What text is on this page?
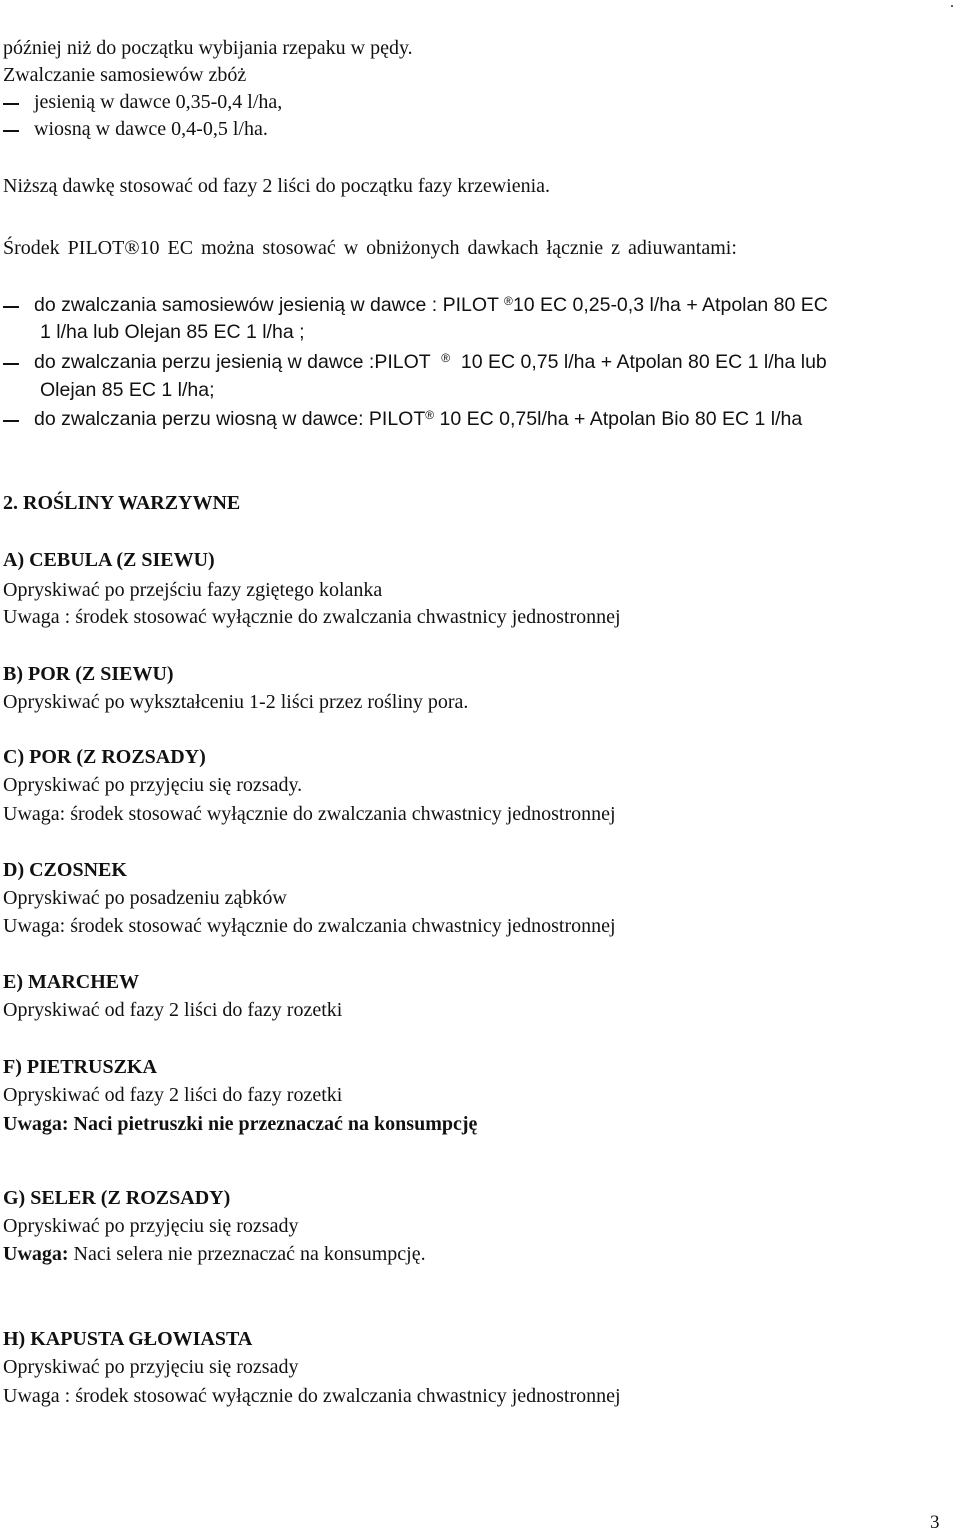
.
później niż do początku wybijania rzepaku w pędy.
Zwalczanie samosiewów zbóż
jesienią w dawce 0,35-0,4 l/ha,
wiosną w dawce 0,4-0,5 l/ha.
Niższą dawkę stosować od fazy 2 liści do początku fazy krzewienia.
Środek PILOT®10 EC można stosować w obniżonych dawkach łącznie z adiuwantami:
do zwalczania samosiewów jesienią w dawce : PILOT ®10 EC 0,25-0,3 l/ha + Atpolan 80 EC
1 l/ha lub Olejan 85 EC 1 l/ha ;
do zwalczania perzu jesienią w dawce :PILOT ® 10 EC 0,75 l/ha + Atpolan 80 EC 1 l/ha lub
Olejan 85 EC 1 l/ha;
do zwalczania perzu wiosną w dawce: PILOT® 10 EC 0,75l/ha + Atpolan Bio 80 EC 1 l/ha
2. ROŚLINY WARZYWNE
A) CEBULA (Z SIEWU)
Opryskiwać po przejściu fazy zgiętego kolanka
Uwaga : środek stosować wyłącznie do zwalczania chwastnicy jednostronnej
B) POR (Z SIEWU)
Opryskiwać po wykształceniu 1-2 liści przez rośliny pora.
C) POR (Z ROZSADY)
Opryskiwać po przyjęciu się rozsady.
Uwaga: środek stosować wyłącznie do zwalczania chwastnicy jednostronnej
D) CZOSNEK
Opryskiwać po posadzeniu ząbków
Uwaga: środek stosować wyłącznie do zwalczania chwastnicy jednostronnej
E) MARCHEW
Opryskiwać od fazy 2 liści do fazy rozetki
F) PIETRUSZKA
Opryskiwać od fazy 2 liści do fazy rozetki
Uwaga: Naci pietruszki nie przeznaczać na konsumpcję
G) SELER (Z ROZSADY)
Opryskiwać po przyjęciu się rozsady
Uwaga: Naci selera nie przeznaczać na konsumpcję.
H) KAPUSTA GŁOWIASTA
Opryskiwać po przyjęciu się rozsady
Uwaga : środek stosować wyłącznie do zwalczania chwastnicy jednostronnej
3
